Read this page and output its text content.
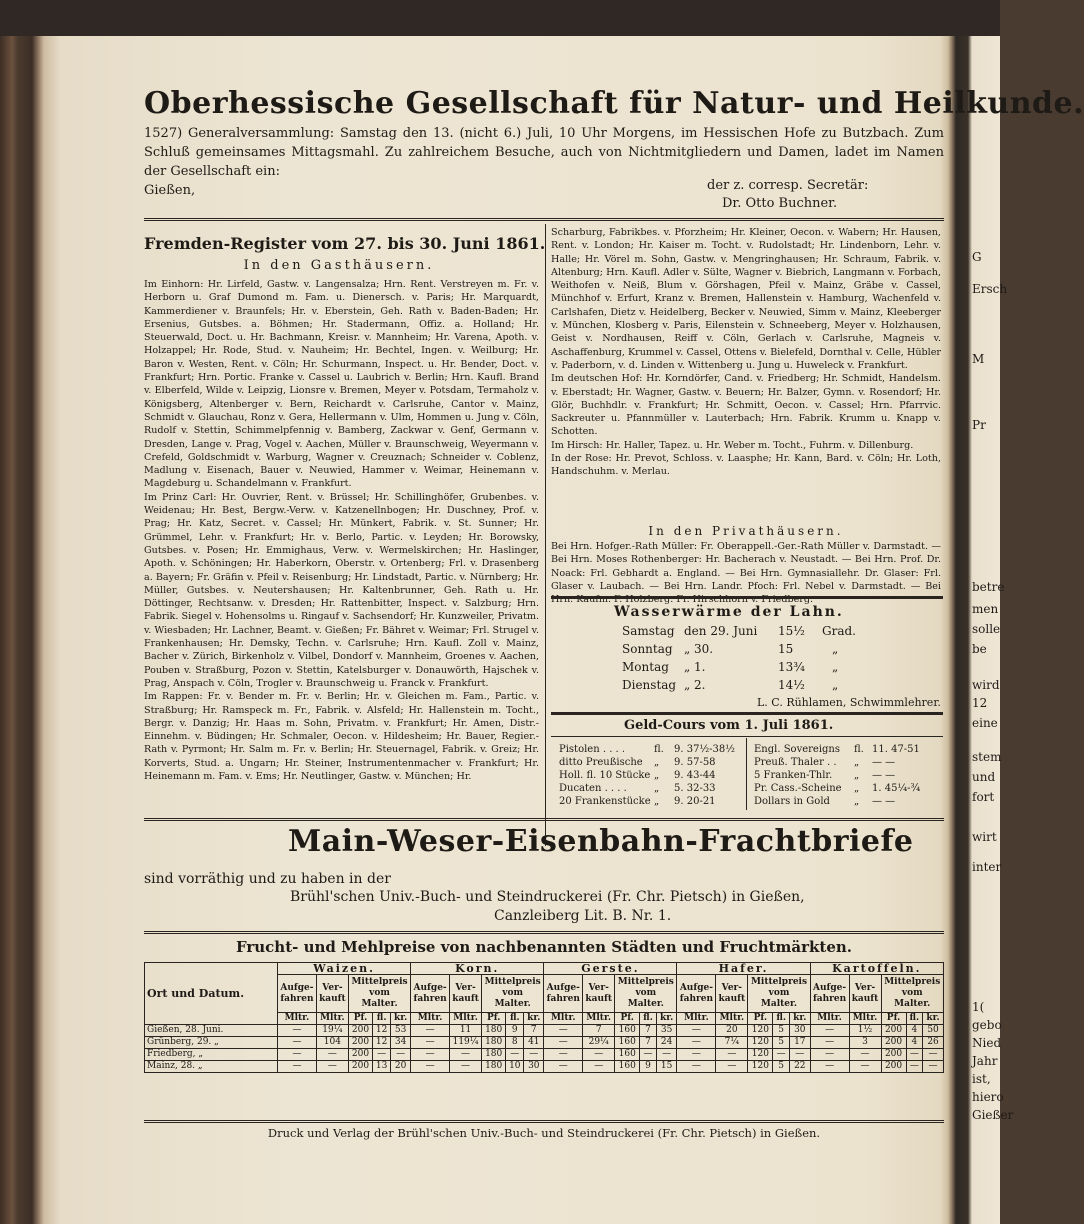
Oberhessische Gesellschaft für Natur- und Heilkunde.
1527) Generalversammlung: Samstag den 13. (nicht 6.) Juli, 10 Uhr Morgens, im Hessischen Hofe zu Butzbach. Zum Schluß gemeinsames Mittagsmahl. Zu zahlreichem Besuche, auch von Nichtmitgliedern und Damen, ladet im Namen der Gesellschaft ein:
Gießen,	der z. corresp. Secretär:
Dr. Otto Buchner.
Fremden-Register vom 27. bis 30. Juni 1861.
In den Gasthäusern.

Im Einhorn: Hr. Lirfeld, Gastw. v. Langensalza; Hrn. Rent. Verstreyen m. Fr. v. Herborn u. Graf Dumond m. Fam. u. Dienersch. v. Paris; Hr. Marquardt, Kammerdiener v. Braunfels; Hr. v. Eberstein, Geh. Rath v. Baden-Baden; Hr. Ersenius, Gutsbes. a. Böhmen; Hr. Stadermann, Offiz. a. Holland; Hr. Steuerwald, Doct. u. Hr. Bachmann, Kreisr. v. Mannheim; Hr. Varena, Apoth. v. Holzappel; Hr. Rode, Stud. v. Nauheim; Hr. Bechtel, Ingen. v. Weilburg; Hr. Baron v. Westen, Rent. v. Cöln; Hr. Schurmann, Inspect. u. Hr. Bender, Doct. v. Frankfurt; Hrn. Portic. Franke v. Cassel u. Laubrich v. Berlin; Hrn. Kaufl. Brand v. Elberfeld, Wilde v. Leipzig, Lionsre v. Bremen, Meyer v. Potsdam, Termaholz v. Königsberg, Altenberger v. Bern, Reichardt v. Carlsruhe, Cantor v. Mainz, Schmidt v. Glauchau, Ronz v. Gera, Hellermann v. Ulm, Hommen u. Jung v. Cöln, Rudolf v. Stettin, Schimmelpfennig v. Bamberg, Zackwar v. Genf, Germann v. Dresden, Lange v. Prag, Vogel v. Aachen, Müller v. Braunschweig, Weyermann v. Crefeld, Goldschmidt v. Warburg, Wagner v. Creuznach; Schneider v. Coblenz, Madlung v. Eisenach, Bauer v. Neuwied, Hammer v. Weimar, Heinemann v. Magdeburg u. Schandelmann v. Frankfurt.

Im Prinz Carl: Hr. Ouvrier, Rent. v. Brüssel; Hr. Schillinghöfer, Grubenbes. v. Weidenau; Hr. Best, Bergw.-Verw. v. Katzenellnbogen; Hr. Duschney, Prof. v. Prag; Hr. Katz, Secret. v. Cassel; Hr. Münkert, Fabrik. v. St. Sunner; Hr. Grümmel, Lehr. v. Frankfurt; Hr. v. Berlo, Partic. v. Leyden; Hr. Borowsky, Gutsbes. v. Posen; Hr. Emmighaus, Verw. v. Wermelskirchen; Hr. Haslinger, Apoth. v. Schöningen; Hr. Haberkorn, Oberstr. v. Ortenberg; Frl. v. Drasenberg a. Bayern; Fr. Gräfin v. Pfeil v. Reisenburg; Hr. Lindstadt, Partic. v. Nürnberg; Hr. Müller, Gutsbes. v. Neutershausen; Hr. Kaltenbrunner, Geh. Rath u. Hr. Döttinger, Rechtsanw. v. Dresden; Hr. Rattenbitter, Inspect. v. Salzburg; Hrn. Fabrik. Siegel v. Hohensolms u. Ringauf v. Sachsendorf; Hr. Kunzweiler, Privatm. v. Wiesbaden; Hr. Lachner, Beamt. v. Gießen; Fr. Bähret v. Weimar; Frl. Strugel v. Frankenhausen; Hr. Demsky, Techn. v. Carlsruhe; Hrn. Kaufl. Zoll v. Mainz, Bacher v. Zürich, Birkenholz v. Vilbel, Dondorf v. Mannheim, Groenes v. Aachen, Pouben v. Straßburg, Pozon v. Stettin, Katelsburger v. Donauwörth, Hajschek v. Prag, Anspach v. Cöln, Trogler v. Braunschweig u. Franck v. Frankfurt.

Im Rappen: Fr. v. Bender m. Fr. v. Berlin; Hr. v. Gleichen m. Fam., Partic. v. Straßburg; Hr. Ramspeck m. Fr., Fabrik. v. Alsfeld; Hr. Hallenstein m. Tocht., Bergr. v. Danzig; Hr. Haas m. Sohn, Privatm. v. Frankfurt; Hr. Amen, Distr.-Einnehm. v. Büdingen; Hr. Schmaler, Oecon. v. Hildesheim; Hr. Bauer, Regier.-Rath v. Pyrmont; Hr. Salm m. Fr. v. Berlin; Hr. Steuernagel, Fabrik. v. Greiz; Hr. Korverts, Stud. a. Ungarn; Hr. Steiner, Instrumentenmacher v. Frankfurt; Hr. Heinemann m. Fam. v. Ems; Hr. Neutlinger, Gastw. v. München; Hr.

Scharburg, Fabrikbes. v. Pforzheim; Hr. Kleiner, Oecon. v. Wabern; Hr. Hausen, Rent. v. London; Hr. Kaiser m. Tocht. v. Rudolstadt; Hr. Lindenborn, Lehr. v. Halle; Hr. Vörel m. Sohn, Gastw. v. Mengringhausen; Hr. Schraum, Fabrik. v. Altenburg; Hrn. Kaufl. Adler v. Sülte, Wagner v. Biebrich, Langmann v. Forbach, Weithofen v. Neiß, Blum v. Görshagen, Pfeil v. Mainz, Gräbe v. Cassel, Münchhof v. Erfurt, Kranz v. Bremen, Hallenstein v. Hamburg, Wachenfeld v. Carlshafen, Dietz v. Heidelberg, Becker v. Neuwied, Simm v. Mainz, Kleeberger v. München, Klosberg v. Paris, Eilenstein v. Schneeberg, Meyer v. Holzhausen, Geist v. Nordhausen, Reiff v. Cöln, Gerlach v. Carlsruhe, Magneis v. Aschaffenburg, Krummel v. Cassel, Ottens v. Bielefeld, Dornthal v. Celle, Hübler v. Paderborn, v. d. Linden v. Wittenberg u. Jung u. Huweleck v. Frankfurt.

Im deutschen Hof: Hr. Korndörfer, Cand. v. Friedberg; Hr. Schmidt, Handelsm. v. Eberstadt; Hr. Wagner, Gastw. v. Beuern; Hr. Balzer, Gymn. v. Rosendorf; Hr. Glör, Buchhdlr. v. Frankfurt; Hr. Schmitt, Oecon. v. Cassel; Hrn. Pfarrvic. Sackreuter u. Pfannmüller v. Lauterbach; Hrn. Fabrik. Krumm u. Knapp v. Schotten.

Im Hirsch: Hr. Haller, Tapez. u. Hr. Weber m. Tocht., Fuhrm. v. Dillenburg.

In der Rose: Hr. Prevot, Schloss. v. Laasphe; Hr. Kann, Bard. v. Cöln; Hr. Loth, Handschuhm. v. Merlau.

In den Privathäusern.
Bei Hrn. Hofger.-Rath Müller: Fr. Oberappell.-Ger.-Rath Müller v. Darmstadt. — Bei Hrn. Moses Rothenberger: Hr. Bacherach v. Neustadt. — Bei Hrn. Prof. Dr. Noack: Frl. Gebhardt a. England. — Bei Hrn. Gymnasiallehr. Dr. Glaser: Frl. Glaser v. Laubach. — Bei Hrn. Landr. Pfoch: Frl. Nebel v. Darmstadt. — Bei Hrn. Kaufm. F. Holzberg: Fr. Hirschhorn v. Friedberg.
Wasserwärme der Lahn.
Samstag den 29. Juni 15½ Grad.
Sonntag „ 30.	15	„
Montag „ 1.	13¾ „
Dienstag „ 2.	14½ „
L. C. Rühlamen, Schwimmlehrer.
Geld-Cours vom 1. Juli 1861.
Pistolen . . . .	fl. 9. 37½-38½
ditto Preußische „ 9. 57-58
Holl. fl. 10 Stücke „ 9. 43-44
Ducaten . . . .	„ 5. 32-33
20 Frankenstücke „ 9. 20-21
Engl. Sovereigns fl. 11. 47-51
Preuß. Thaler . . „ — —
5 Franken-Thlr. „ — —
Pr. Cass.-Scheine „ 1. 45¼-¾
Dollars in Gold „ — —
Main-Weser-Eisenbahn-Frachtbriefe
sind vorräthig und zu haben in der
Brühl'schen Univ.-Buch- und Steindruckerei (Fr. Chr. Pietsch) in Gießen,
Canzleiberg Lit. B. Nr. 1.
Frucht- und Mehlpreise von nachbenannten Städten und Fruchtmärkten.
Ort und Datum.	Waizen.					Korn.					Gerste.					Hafer.					Kartoffeln.				
	Aufge-fahren	Ver-kauft	Mittelpreis vom Malter.			Aufge-fahren	Ver-kauft	Mittelpreis vom Malter.			Aufge-fahren	Ver-kauft	Mittelpreis vom Malter.			Aufge-fahren	Ver-kauft	Mittelpreis vom Malter.			Aufge-fahren	Ver-kauft	Mittelpreis vom Malter.		
	Mltr.	Mltr.	Pf.	fl.	kr.	Mltr.	Mltr.	Pf.	fl.	kr.	Mltr.	Mltr.	Pf.	fl.	kr.	Mltr.	Mltr.	Pf.	fl.	kr.	Mltr.	Mltr.	Pf.	fl.	kr.
Gießen, 28. Juni.	—	19¼	200	12	53	—	11	180	9	7	—	7	160	7	35	—	20	120	5	30	—	1½	200	4	50
Grünberg, 29. „	—	104	200	12	34	—	119¼	180	8	41	—	29¼	160	7	24	—	7¼	120	5	17	—	3	200	4	26
Friedberg, „	—	—	200	—	—	—	—	180	—	—	—	—	160	—	—	—	—	120	—	—	—	—	200	—	—
Mainz, 28. „	—	—	200	13	20	—	—	180	10	30	—	—	160	9	15	—	—	120	5	22	—	—	200	—	—
Druck und Verlag der Brühl'schen Univ.-Buch- und Steindruckerei (Fr. Chr. Pietsch) in Gießen.
G
Ersch
M
Pr
betre
men
solle
be
wird
12
eine
stem
und
fort
wirt
inter
1(
gebo
Nied
Jahr
ist,
hiero
Gießer
